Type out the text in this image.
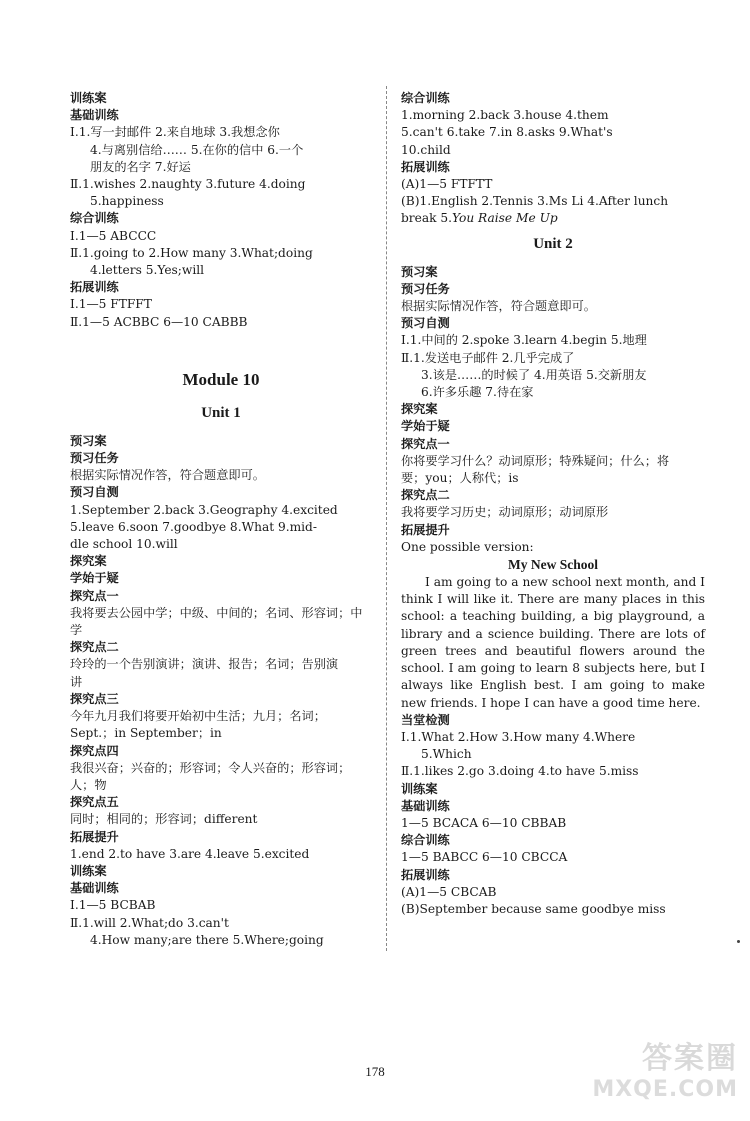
训练案
基础训练
Ⅰ.1.写一封邮件 2.来自地球 3.我想念你
4.与离别信给…… 5.在你的信中 6.一个
朋友的名字 7.好运
Ⅱ.1.wishes 2.naughty 3.future 4.doing
5.happiness
综合训练
Ⅰ.1—5 ABCCC
Ⅱ.1.going to 2.How many 3.What;doing
4.letters 5.Yes;will
拓展训练
Ⅰ.1—5 FTFFT
Ⅱ.1—5 ACBBC 6—10 CABBB
Module 10
Unit 1
预习案
预习任务
根据实际情况作答，符合题意即可。
预习自测
1.September 2.back 3.Geography 4.excited
5.leave 6.soon 7.goodbye 8.What 9.mid-
dle school 10.will
探究案
学始于疑
探究点一
我将要去公园中学；中级、中间的；名词、形容词；中
学
探究点二
玲玲的一个告别演讲；演讲、报告；名词；告别演
讲
探究点三
今年九月我们将要开始初中生活；九月；名词；
Sept.；in September；in
探究点四
我很兴奋；兴奋的；形容词；令人兴奋的；形容词；
人；物
探究点五
同时；相同的；形容词；different
拓展提升
1.end 2.to have 3.are 4.leave 5.excited
训练案
基础训练
Ⅰ.1—5 BCBAB
Ⅱ.1.will 2.What;do 3.can't
4.How many;are there 5.Where;going
综合训练
1.morning 2.back 3.house 4.them
5.can't 6.take 7.in 8.asks 9.What's
10.child
拓展训练
(A)1—5 FTFTT
(B)1.English 2.Tennis 3.Ms Li 4.After lunch
break 5.You Raise Me Up
Unit 2
预习案
预习任务
根据实际情况作答，符合题意即可。
预习自测
Ⅰ.1.中间的 2.spoke 3.learn 4.begin 5.地理
Ⅱ.1.发送电子邮件 2.几乎完成了
3.该是……的时候了 4.用英语 5.交新朋友
6.许多乐趣 7.待在家
探究案
学始于疑
探究点一
你将要学习什么？动词原形；特殊疑问；什么；将
要；you；人称代；is
探究点二
我将要学习历史；动词原形；动词原形
拓展提升
One possible version:
My New School
I am going to a new school next month, and I think I will like it. There are many places in this school: a teaching building, a big playground, a library and a science building. There are lots of green trees and beautiful flowers around the school. I am going to learn 8 subjects here, but I always like English best. I am going to make new friends. I hope I can have a good time here.
当堂检测
Ⅰ.1.What 2.How 3.How many 4.Where
5.Which
Ⅱ.1.likes 2.go 3.doing 4.to have 5.miss
训练案
基础训练
1—5 BCACA 6—10 CBBAB
综合训练
1—5 BABCC 6—10 CBCCA
拓展训练
(A)1—5 CBCAB
(B)September because same goodbye miss
178	答案圈
MXQE.COM
